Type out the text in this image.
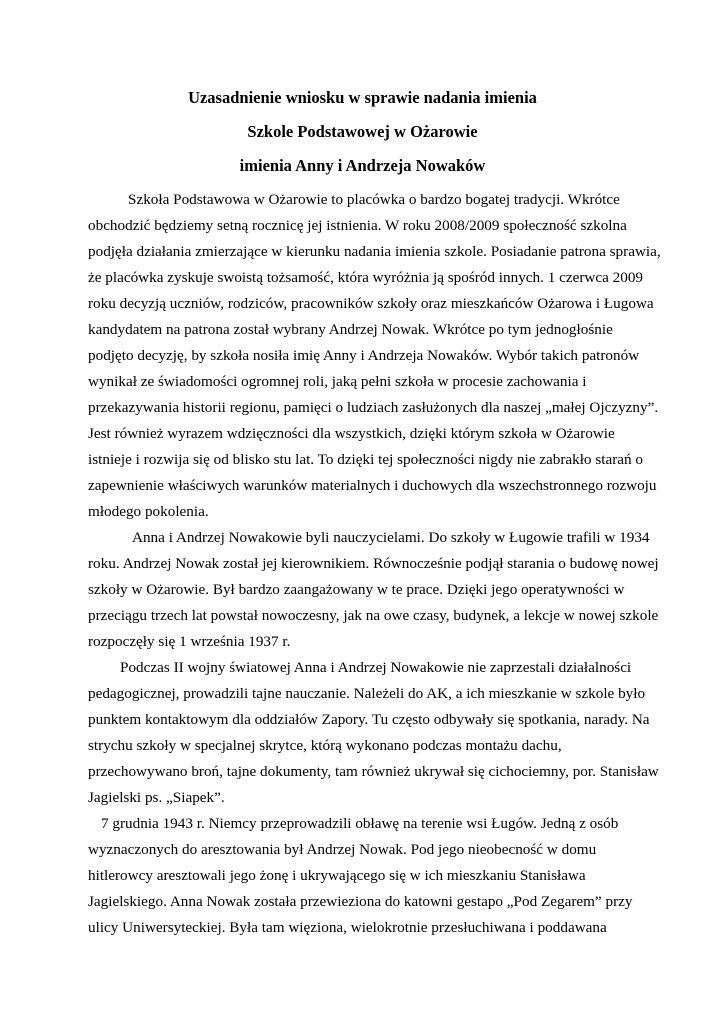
Uzasadnienie wniosku w sprawie nadania imienia
Szkole Podstawowej w Ożarowie
imienia Anny i Andrzeja Nowaków
Szkoła Podstawowa w Ożarowie to placówka o bardzo bogatej tradycji. Wkrótce
obchodzić będziemy setną rocznicę jej istnienia. W roku 2008/2009 społeczność szkolna
podjęła działania zmierzające w kierunku nadania imienia szkole. Posiadanie patrona sprawia,
że placówka zyskuje swoistą tożsamość, która wyróżnia ją spośród innych. 1 czerwca 2009
roku decyzją uczniów, rodziców, pracowników szkoły oraz mieszkańców Ożarowa i Ługowa
kandydatem na patrona został wybrany Andrzej Nowak. Wkrótce po tym jednogłośnie
podjęto decyzję, by szkoła nosiła imię Anny i Andrzeja Nowaków. Wybór takich patronów
wynikał ze świadomości ogromnej roli, jaką pełni szkoła w procesie zachowania i
przekazywania historii regionu, pamięci o ludziach zasłużonych dla naszej „małej Ojczyzny”.
Jest również wyrazem wdzięczności dla wszystkich, dzięki którym szkoła w Ożarowie
istnieje i rozwija się od blisko stu lat. To dzięki tej społeczności nigdy nie zabrakło starań o
zapewnienie właściwych warunków materialnych i duchowych dla wszechstronnego rozwoju
młodego pokolenia.
Anna i Andrzej Nowakowie byli nauczycielami. Do szkoły w Ługowie trafili w 1934
roku. Andrzej Nowak został jej kierownikiem. Równocześnie podjął starania o budowę nowej
szkoły w Ożarowie. Był bardzo zaangażowany w te prace. Dzięki jego operatywności w
przeciągu trzech lat powstał nowoczesny, jak na owe czasy, budynek, a lekcje w nowej szkole
rozpoczęły się 1 września 1937 r.
Podczas II wojny światowej Anna i Andrzej Nowakowie nie zaprzestali działalności
pedagogicznej, prowadzili tajne nauczanie. Należeli do AK, a ich mieszkanie w szkole było
punktem kontaktowym dla oddziałów Zapory. Tu często odbywały się spotkania, narady. Na
strychu szkoły w specjalnej skrytce, którą wykonano podczas montażu dachu,
przechowywano broń, tajne dokumenty, tam również ukrywał się cichociemny, por. Stanisław
Jagielski ps. „Siapek”.
7 grudnia 1943 r. Niemcy przeprowadzili obławę na terenie wsi Ługów. Jedną z osób
wyznaczonych do aresztowania był Andrzej Nowak. Pod jego nieobecność w domu
hitlerowcy aresztowali jego żonę i ukrywającego się w ich mieszkaniu Stanisława
Jagielskiego. Anna Nowak została przewieziona do katowni gestapo „Pod Zegarem” przy
ulicy Uniwersyteckiej. Była tam więziona, wielokrotnie przesłuchiwana i poddawana
